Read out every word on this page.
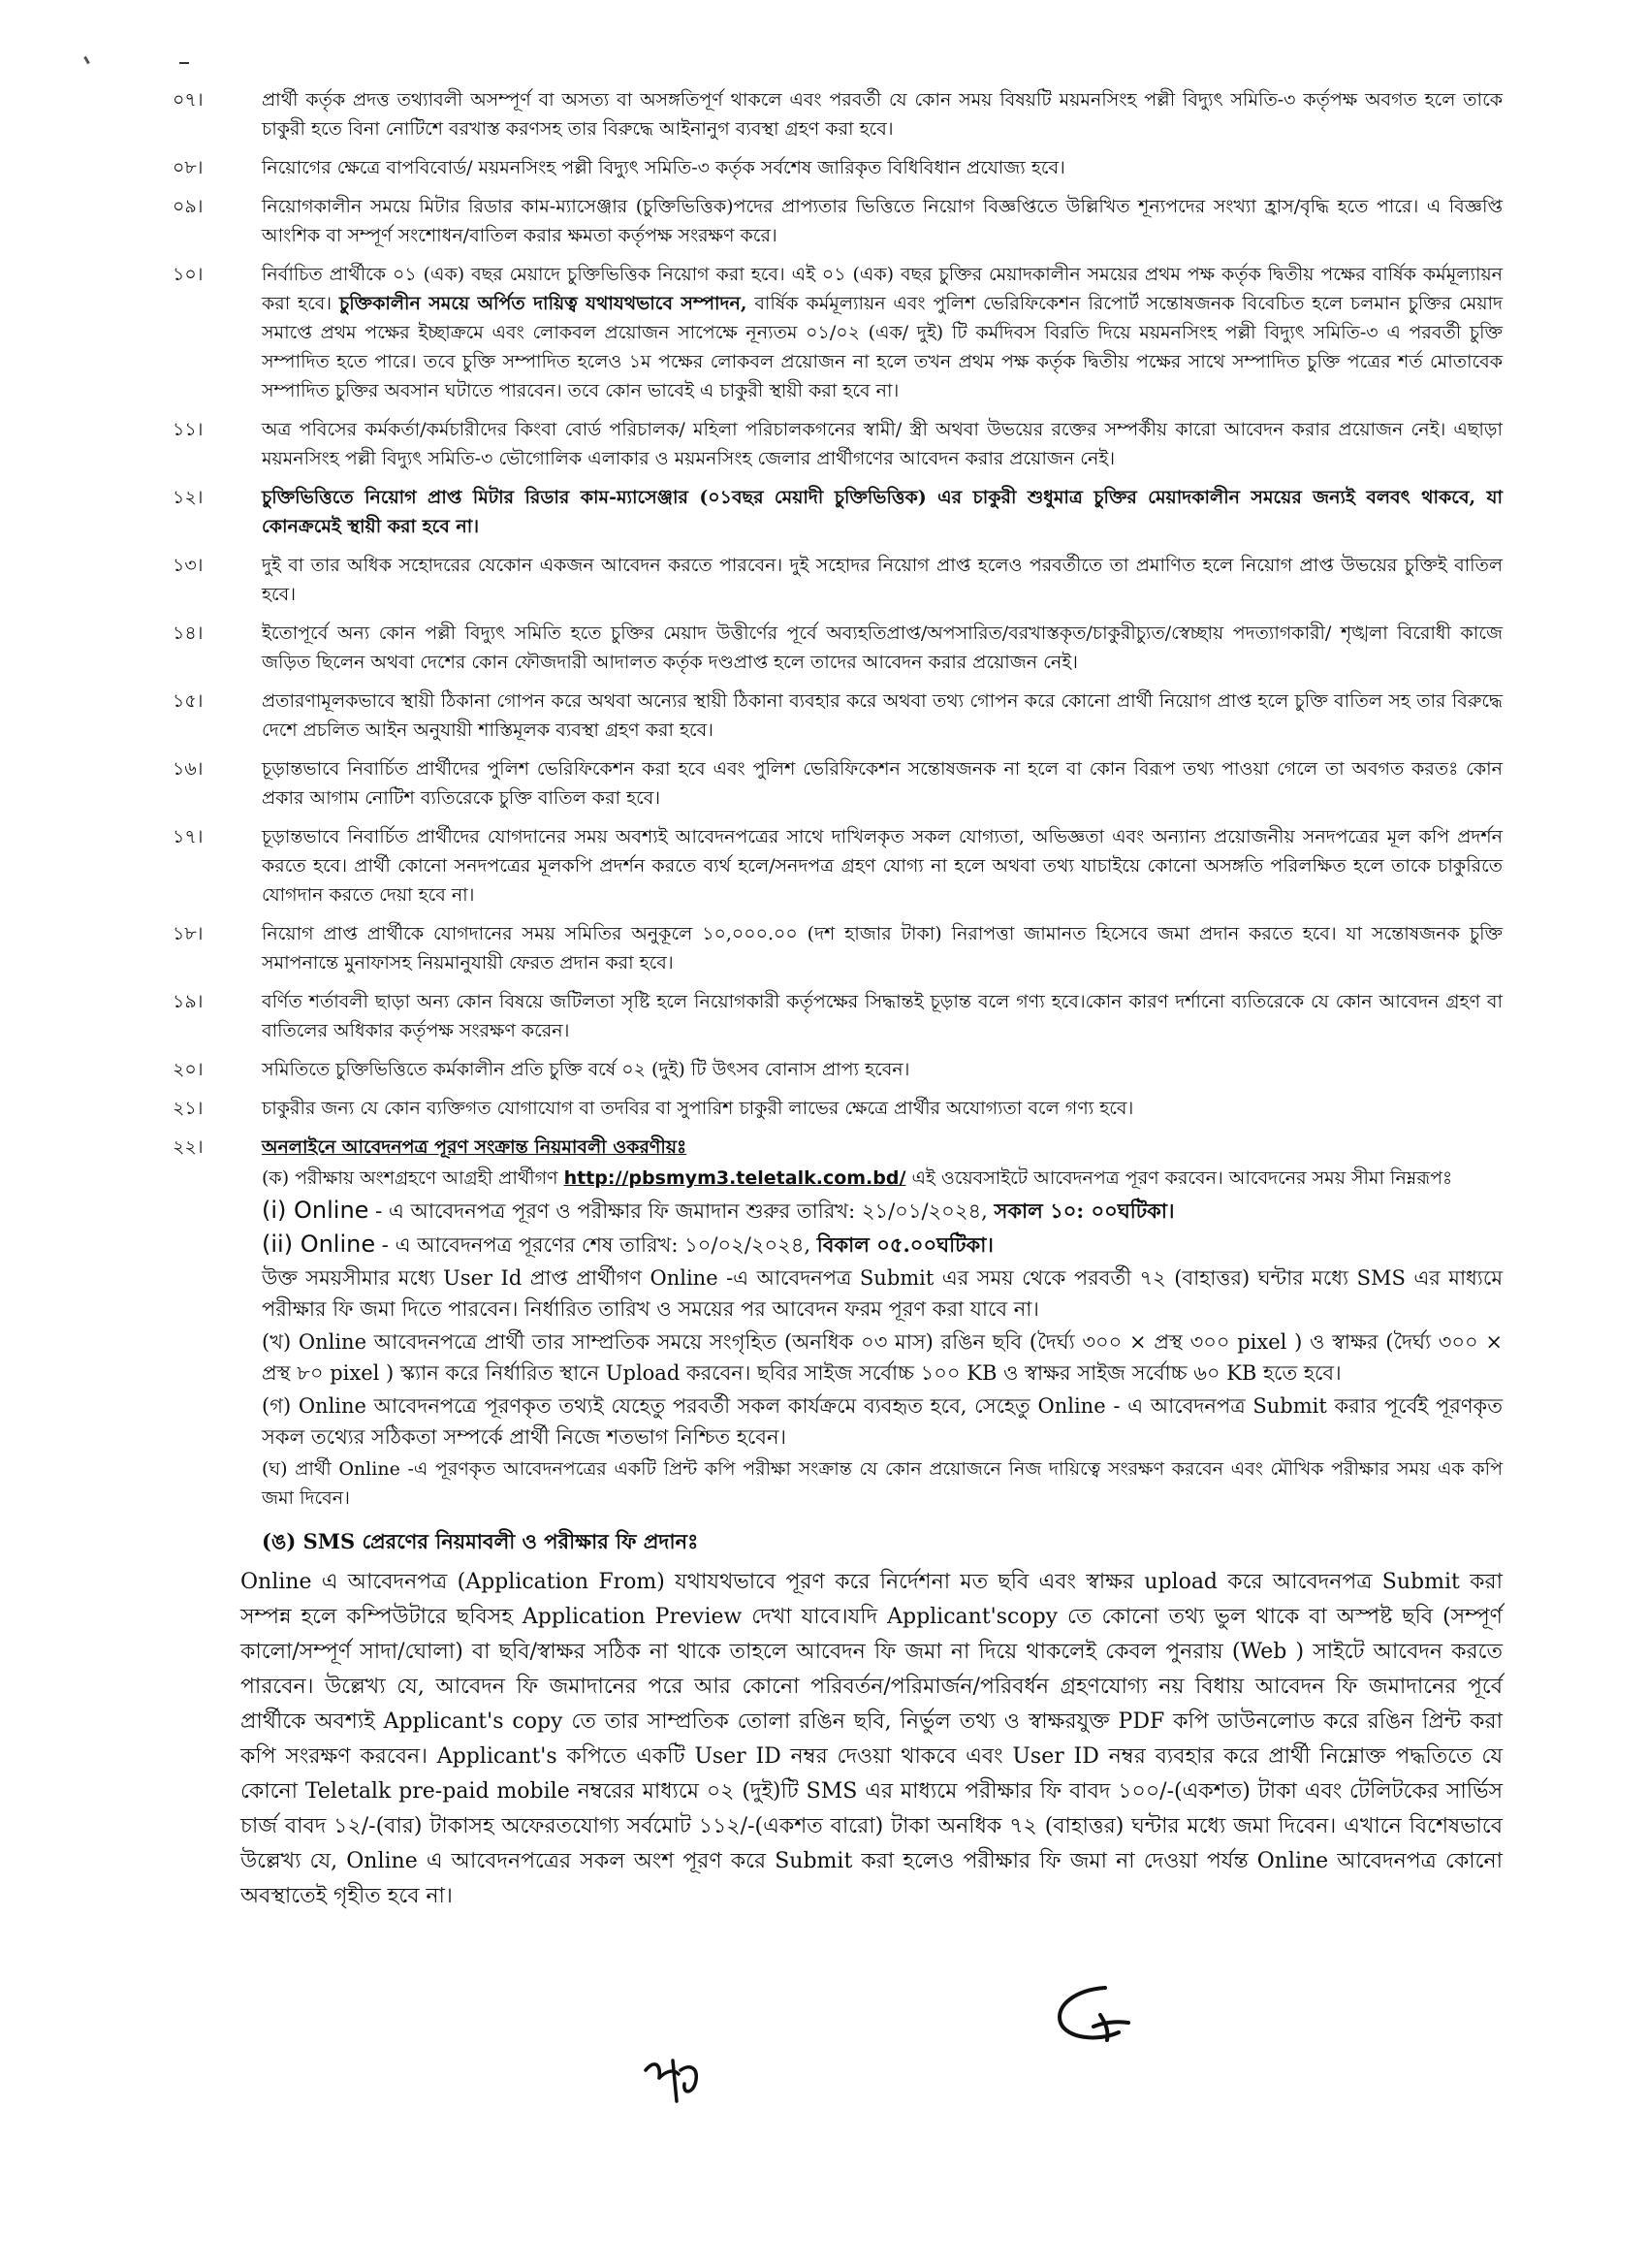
০৭।	প্রার্থী কর্তৃক প্রদত্ত তথ্যাবলী অসম্পূর্ণ বা অসত্য বা অসঙ্গতিপূর্ণ থাকলে এবং পরবর্তী যে কোন সময় বিষয়টি ময়মনসিংহ পল্লী বিদ্যুৎ সমিতি-৩ কর্তৃপক্ষ অবগত হলে তাকে চাকুরী হতে বিনা নোটিশে বরখাস্ত করণসহ তার বিরুদ্ধে আইনানুগ ব্যবস্থা গ্রহণ করা হবে।
০৮।	নিয়োগের ক্ষেত্রে বাপবিবোর্ড/ ময়মনসিংহ পল্লী বিদ্যুৎ সমিতি-৩ কর্তৃক সর্বশেষ জারিকৃত বিধিবিধান প্রযোজ্য হবে।
০৯।	নিয়োগকালীন সময়ে মিটার রিডার কাম-ম্যাসেঞ্জার (চুক্তিভিত্তিক)পদের প্রাপ্যতার ভিত্তিতে নিয়োগ বিজ্ঞপ্তিতে উল্লিখিত শূন্যপদের সংখ্যা হ্রাস/বৃদ্ধি হতে পারে। এ বিজ্ঞপ্তি আংশিক বা সম্পূর্ণ সংশোধন/বাতিল করার ক্ষমতা কর্তৃপক্ষ সংরক্ষণ করে।
১০।	নির্বাচিত প্রার্থীকে ০১ (এক) বছর মেয়াদে চুক্তিভিত্তিক নিয়োগ করা হবে। এই ০১ (এক) বছর চুক্তির মেয়াদকালীন সময়ের প্রথম পক্ষ কর্তৃক দ্বিতীয় পক্ষের বার্ষিক কর্মমূল্যায়ন করা হবে। চুক্তিকালীন সময়ে অর্পিত দায়িত্ব যথাযথভাবে সম্পাদন, বার্ষিক কর্মমূল্যায়ন এবং পুলিশ ভেরিফিকেশন রিপোর্ট সন্তোষজনক বিবেচিত হলে চলমান চুক্তির মেয়াদ সমাপ্তে প্রথম পক্ষের ইচ্ছাক্রমে এবং লোকবল প্রয়োজন সাপেক্ষে নূন্যতম ০১/০২ (এক/ দুই) টি কর্মদিবস বিরতি দিয়ে ময়মনসিংহ পল্লী বিদ্যুৎ সমিতি-৩ এ পরবর্তী চুক্তি সম্পাদিত হতে পারে। তবে চুক্তি সম্পাদিত হলেও ১ম পক্ষের লোকবল প্রয়োজন না হলে তখন প্রথম পক্ষ কর্তৃক দ্বিতীয় পক্ষের সাথে সম্পাদিত চুক্তি পত্রের শর্ত মোতাবেক সম্পাদিত চুক্তির অবসান ঘটাতে পারবেন। তবে কোন ভাবেই এ চাকুরী স্থায়ী করা হবে না।
১১।	অত্র পবিসের কর্মকর্তা/কর্মচারীদের কিংবা বোর্ড পরিচালক/ মহিলা পরিচালকগনের স্বামী/ স্ত্রী অথবা উভয়ের রক্তের সম্পর্কীয় কারো আবেদন করার প্রয়োজন নেই। এছাড়া ময়মনসিংহ পল্লী বিদ্যুৎ সমিতি-৩ ভৌগোলিক এলাকার ও ময়মনসিংহ জেলার প্রার্থীগণের আবেদন করার প্রয়োজন নেই।
১২।	চুক্তিভিত্তিতে নিয়োগ প্রাপ্ত মিটার রিডার কাম-ম্যাসেঞ্জার (০১বছর মেয়াদী চুক্তিভিত্তিক) এর চাকুরী শুধুমাত্র চুক্তির মেয়াদকালীন সময়ের জন্যই বলবৎ থাকবে, যা কোনক্রমেই স্থায়ী করা হবে না।
১৩।	দুই বা তার অধিক সহোদরের যেকোন একজন আবেদন করতে পারবেন। দুই সহোদর নিয়োগ প্রাপ্ত হলেও পরবর্তীতে তা প্রমাণিত হলে নিয়োগ প্রাপ্ত উভয়ের চুক্তিই বাতিল হবে।
১৪।	ইতোপূর্বে অন্য কোন পল্লী বিদ্যুৎ সমিতি হতে চুক্তির মেয়াদ উত্তীর্ণের পূর্বে অব্যহতিপ্রাপ্ত/অপসারিত/বরখাস্তকৃত/চাকুরীচ্যুত/স্বেচ্ছায় পদত্যাগকারী/ শৃঙ্খলা বিরোধী কাজে জড়িত ছিলেন অথবা দেশের কোন ফৌজদারী আদালত কর্তৃক দণ্ডপ্রাপ্ত হলে তাদের আবেদন করার প্রয়োজন নেই।
১৫।	প্রতারণামূলকভাবে স্থায়ী ঠিকানা গোপন করে অথবা অন্যের স্থায়ী ঠিকানা ব্যবহার করে অথবা তথ্য গোপন করে কোনো প্রার্থী নিয়োগ প্রাপ্ত হলে চুক্তি বাতিল সহ তার বিরুদ্ধে দেশে প্রচলিত আইন অনুযায়ী শাস্তিমূলক ব্যবস্থা গ্রহণ করা হবে।
১৬।	চূড়ান্তভাবে নিবার্চিত প্রার্থীদের পুলিশ ভেরিফিকেশন করা হবে এবং পুলিশ ভেরিফিকেশন সন্তোষজনক না হলে বা কোন বিরূপ তথ্য পাওয়া গেলে তা অবগত করতঃ কোন প্রকার আগাম নোটিশ ব্যতিরেকে চুক্তি বাতিল করা হবে।
১৭।	চূড়ান্তভাবে নিবার্চিত প্রার্থীদের যোগদানের সময় অবশ্যই আবেদনপত্রের সাথে দাখিলকৃত সকল যোগ্যতা, অভিজ্ঞতা এবং অন্যান্য প্রয়োজনীয় সনদপত্রের মূল কপি প্রদর্শন করতে হবে। প্রার্থী কোনো সনদপত্রের মূলকপি প্রদর্শন করতে ব্যর্থ হলে/সনদপত্র গ্রহণ যোগ্য না হলে অথবা তথ্য যাচাইয়ে কোনো অসঙ্গতি পরিলক্ষিত হলে তাকে চাকুরিতে যোগদান করতে দেয়া হবে না।
১৮।	নিয়োগ প্রাপ্ত প্রার্থীকে যোগদানের সময় সমিতির অনুকূলে ১০,০০০.০০ (দশ হাজার টাকা) নিরাপত্তা জামানত হিসেবে জমা প্রদান করতে হবে। যা সন্তোষজনক চুক্তি সমাপনান্তে মুনাফাসহ নিয়মানুযায়ী ফেরত প্রদান করা হবে।
১৯।	বর্ণিত শর্তাবলী ছাড়া অন্য কোন বিষয়ে জটিলতা সৃষ্টি হলে নিয়োগকারী কর্তৃপক্ষের সিদ্ধান্তই চূড়ান্ত বলে গণ্য হবে।কোন কারণ দর্শানো ব্যতিরেকে যে কোন আবেদন গ্রহণ বা বাতিলের অধিকার কর্তৃপক্ষ সংরক্ষণ করেন।
২০।	সমিতিতে চুক্তিভিত্তিতে কর্মকালীন প্রতি চুক্তি বর্ষে ০২ (দুই) টি উৎসব বোনাস প্রাপ্য হবেন।
২১।	চাকুরীর জন্য যে কোন ব্যক্তিগত যোগাযোগ বা তদবির বা সুপারিশ চাকুরী লাভের ক্ষেত্রে প্রার্থীর অযোগ্যতা বলে গণ্য হবে।
২২।	অনলাইনে আবেদনপত্র পূরণ সংক্রান্ত নিয়মাবলী ওকরণীয়ঃ
(ক) পরীক্ষায় অংশগ্রহণে আগ্রহী প্রার্থীগণ http://pbsmym3.teletalk.com.bd/ এই ওয়েবসাইটে আবেদনপত্র পূরণ করবেন। আবেদনের সময় সীমা নিম্নরূপঃ
(i) Online - এ আবেদনপত্র পূরণ ও পরীক্ষার ফি জমাদান শুরুর তারিখ: ২১/০১/২০২৪, সকাল ১০: ০০ঘটিকা।
(ii) Online - এ আবেদনপত্র পূরণের শেষ তারিখ: ১০/০২/২০২৪, বিকাল ০৫.০০ঘটিকা।
উক্ত সময়সীমার মধ্যে User Id প্রাপ্ত প্রার্থীগণ Online -এ আবেদনপত্র Submit এর সময় থেকে পরবর্তী ৭২ (বাহাত্তর) ঘন্টার মধ্যে SMS এর মাধ্যমে পরীক্ষার ফি জমা দিতে পারবেন। নির্ধারিত তারিখ ও সময়ের পর আবেদন ফরম পূরণ করা যাবে না।
(খ) Online আবেদনপত্রে প্রার্থী তার সাম্প্রতিক সময়ে সংগৃহিত (অনধিক ০৩ মাস) রঙিন ছবি (দৈর্ঘ্য ৩০০ × প্রস্থ ৩০০ pixel ) ও স্বাক্ষর (দৈর্ঘ্য ৩০০ × প্রস্থ ৮০ pixel ) স্ক্যান করে নির্ধারিত স্থানে Upload করবেন। ছবির সাইজ সর্বোচ্চ ১০০ KB ও স্বাক্ষর সাইজ সর্বোচ্চ ৬০ KB হতে হবে।
(গ) Online আবেদনপত্রে পূরণকৃত তথ্যই যেহেতু পরবর্তী সকল কার্যক্রমে ব্যবহৃত হবে, সেহেতু Online - এ আবেদনপত্র Submit করার পূর্বেই পূরণকৃত সকল তথ্যের সঠিকতা সম্পর্কে প্রার্থী নিজে শতভাগ নিশ্চিত হবেন।
(ঘ) প্রার্থী Online -এ পূরণকৃত আবেদনপত্রের একটি প্রিন্ট কপি পরীক্ষা সংক্রান্ত যে কোন প্রয়োজনে নিজ দায়িত্বে সংরক্ষণ করবেন এবং মৌখিক পরীক্ষার সময় এক কপি জমা দিবেন।
(ঙ) SMS প্রেরণের নিয়মাবলী ও পরীক্ষার ফি প্রদানঃ
Online এ আবেদনপত্র (Application From) যথাযথভাবে পূরণ করে নির্দেশনা মত ছবি এবং স্বাক্ষর upload করে আবেদনপত্র Submit করা সম্পন্ন হলে কম্পিউটারে ছবিসহ Application Preview দেখা যাবে।যদি Applicant'scopy তে কোনো তথ্য ভুল থাকে বা অস্পষ্ট ছবি (সম্পূর্ণ কালো/সম্পূর্ণ সাদা/ঘোলা) বা ছবি/স্বাক্ষর সঠিক না থাকে তাহলে আবেদন ফি জমা না দিয়ে থাকলেই কেবল পুনরায় (Web ) সাইটে আবেদন করতে পারবেন। উল্লেখ্য যে, আবেদন ফি জমাদানের পরে আর কোনো পরিবর্তন/পরিমার্জন/পরিবর্ধন গ্রহণযোগ্য নয় বিধায় আবেদন ফি জমাদানের পূর্বে প্রার্থীকে অবশ্যই Applicant's copy তে তার সাম্প্রতিক তোলা রঙিন ছবি, নির্ভুল তথ্য ও স্বাক্ষরযুক্ত PDF কপি ডাউনলোড করে রঙিন প্রিন্ট করা কপি সংরক্ষণ করবেন। Applicant's কপিতে একটি User ID নম্বর দেওয়া থাকবে এবং User ID নম্বর ব্যবহার করে প্রার্থী নিম্নোক্ত পদ্ধতিতে যে কোনো Teletalk pre-paid mobile নম্বরের মাধ্যমে ০২ (দুই)টি SMS এর মাধ্যমে পরীক্ষার ফি বাবদ ১০০/-(একশত) টাকা এবং টেলিটকের সার্ভিস চার্জ বাবদ ১২/-(বার) টাকাসহ অফেরতযোগ্য সর্বমোট ১১২/-(একশত বারো) টাকা অনধিক ৭২ (বাহাত্তর) ঘন্টার মধ্যে জমা দিবেন। এখানে বিশেষভাবে উল্লেখ্য যে, Online এ আবেদনপত্রের সকল অংশ পূরণ করে Submit করা হলেও পরীক্ষার ফি জমা না দেওয়া পর্যন্ত Online আবেদনপত্র কোনো অবস্থাতেই গৃহীত হবে না।
